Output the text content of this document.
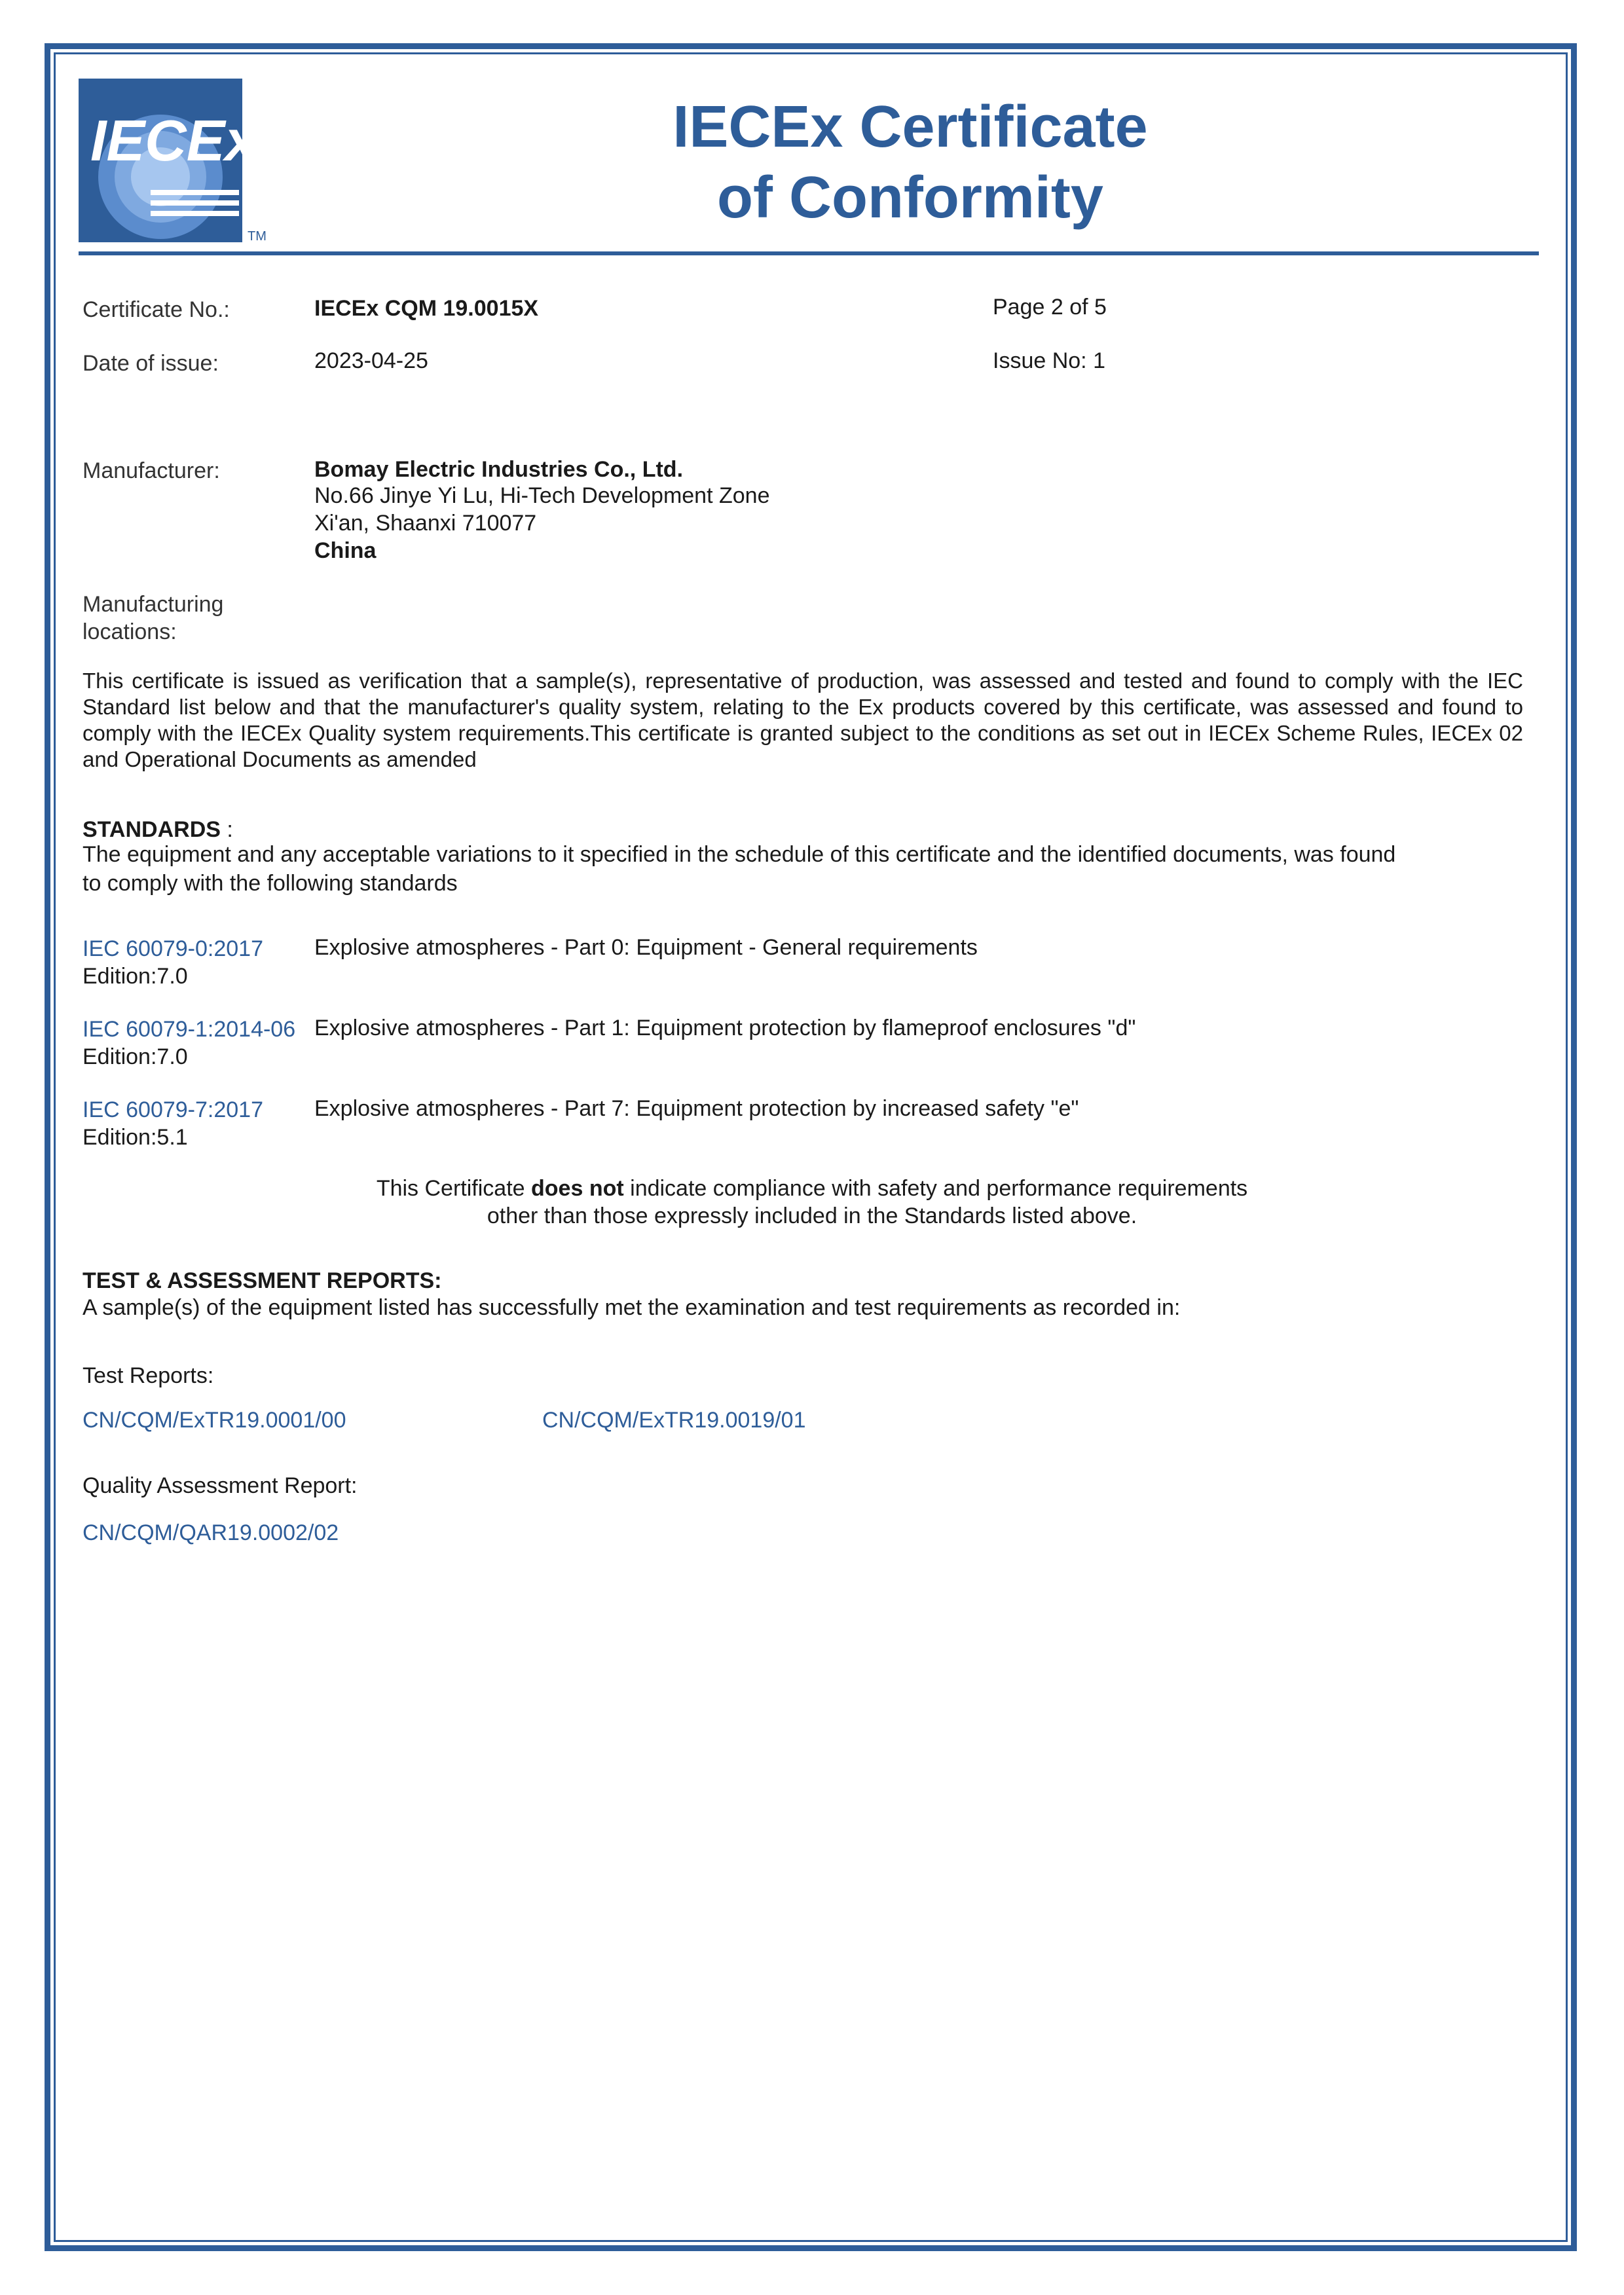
IECEx
TM
IECEx Certificate
of Conformity
Certificate No.:	IECEx CQM 19.0015X	Page 2 of 5
Date of issue:	2023-04-25	Issue No: 1
Manufacturer:	Bomay Electric Industries Co., Ltd.
No.66 Jinye Yi Lu, Hi-Tech Development Zone
Xi'an, Shaanxi 710077
China
Manufacturing
locations:
This certificate is issued as verification that a sample(s), representative of production, was assessed and tested and found to comply with the IEC Standard list below and that the manufacturer's quality system, relating to the Ex products covered by this certificate, was assessed and found to comply with the IECEx Quality system requirements.This certificate is granted subject to the conditions as set out in IECEx Scheme Rules, IECEx 02 and Operational Documents as amended
STANDARDS :
The equipment and any acceptable variations to it specified in the schedule of this certificate and the identified documents, was found
to comply with the following standards
IEC 60079-0:2017
Edition:7.0
Explosive atmospheres - Part 0: Equipment - General requirements
IEC 60079-1:2014-06
Edition:7.0
Explosive atmospheres - Part 1: Equipment protection by flameproof enclosures "d"
IEC 60079-7:2017
Edition:5.1
Explosive atmospheres - Part 7: Equipment protection by increased safety "e"
This Certificate does not indicate compliance with safety and performance requirements
other than those expressly included in the Standards listed above.
TEST & ASSESSMENT REPORTS:
A sample(s) of the equipment listed has successfully met the examination and test requirements as recorded in:
Test Reports:
CN/CQM/ExTR19.0001/00	CN/CQM/ExTR19.0019/01
Quality Assessment Report:
CN/CQM/QAR19.0002/02
